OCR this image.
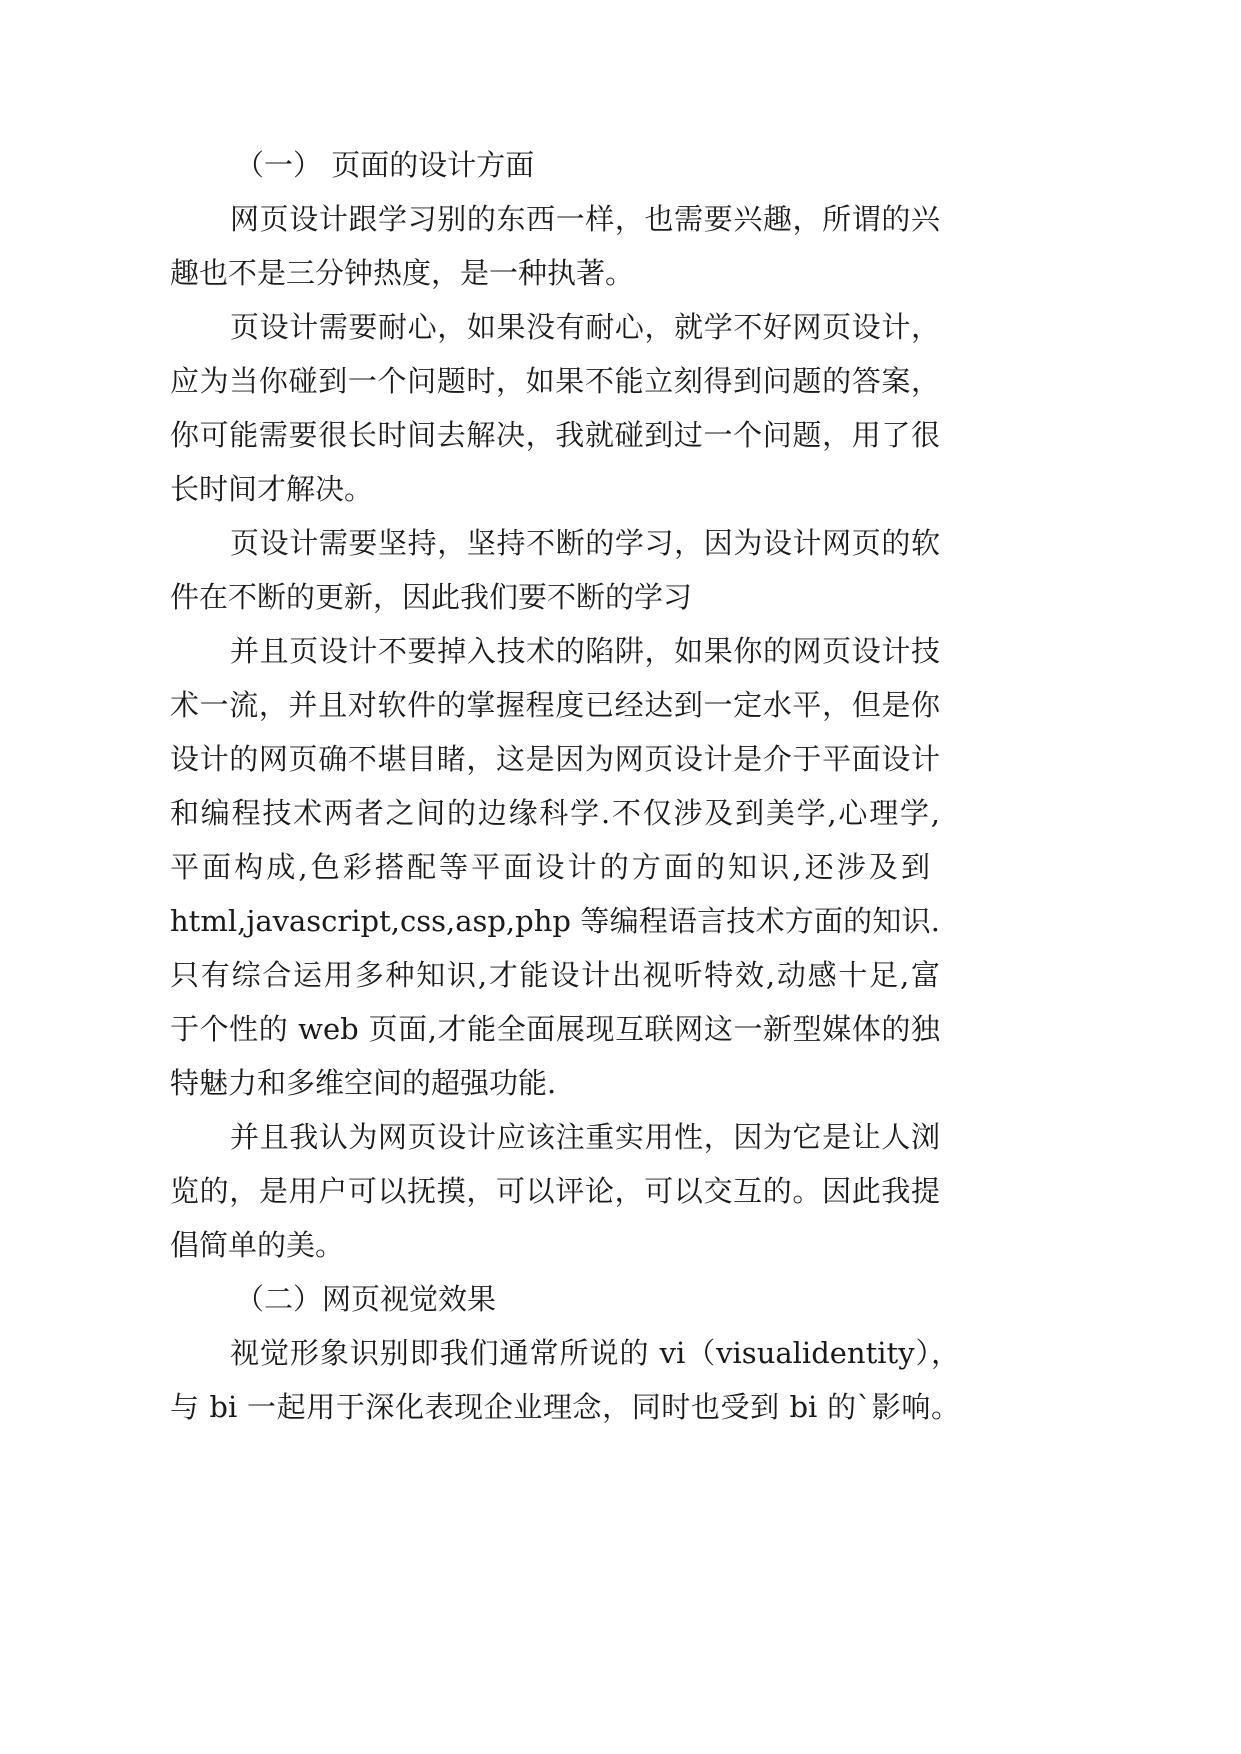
（一） 页面的设计方面
网页设计跟学习别的东西一样，也需要兴趣，所谓的兴
趣也不是三分钟热度，是一种执著。
页设计需要耐心，如果没有耐心，就学不好网页设计，
应为当你碰到一个问题时，如果不能立刻得到问题的答案，
你可能需要很长时间去解决，我就碰到过一个问题，用了很
长时间才解决。
页设计需要坚持，坚持不断的学习，因为设计网页的软
件在不断的更新，因此我们要不断的学习
并且页设计不要掉入技术的陷阱，如果你的网页设计技
术一流，并且对软件的掌握程度已经达到一定水平，但是你
设计的网页确不堪目睹，这是因为网页设计是介于平面设计
和编程技术两者之间的边缘科学.不仅涉及到美学,心理学,
平面构成,色彩搭配等平面设计的方面的知识,还涉及到
html,javascript,css,asp,php 等编程语言技术方面的知识.
只有综合运用多种知识,才能设计出视听特效,动感十足,富
于个性的 web 页面,才能全面展现互联网这一新型媒体的独
特魅力和多维空间的超强功能.
并且我认为网页设计应该注重实用性，因为它是让人浏
览的，是用户可以抚摸，可以评论，可以交互的。因此我提
倡简单的美。
（二）网页视觉效果
视觉形象识别即我们通常所说的 vi（visualidentity），
与 bi 一起用于深化表现企业理念，同时也受到 bi 的`影响。
